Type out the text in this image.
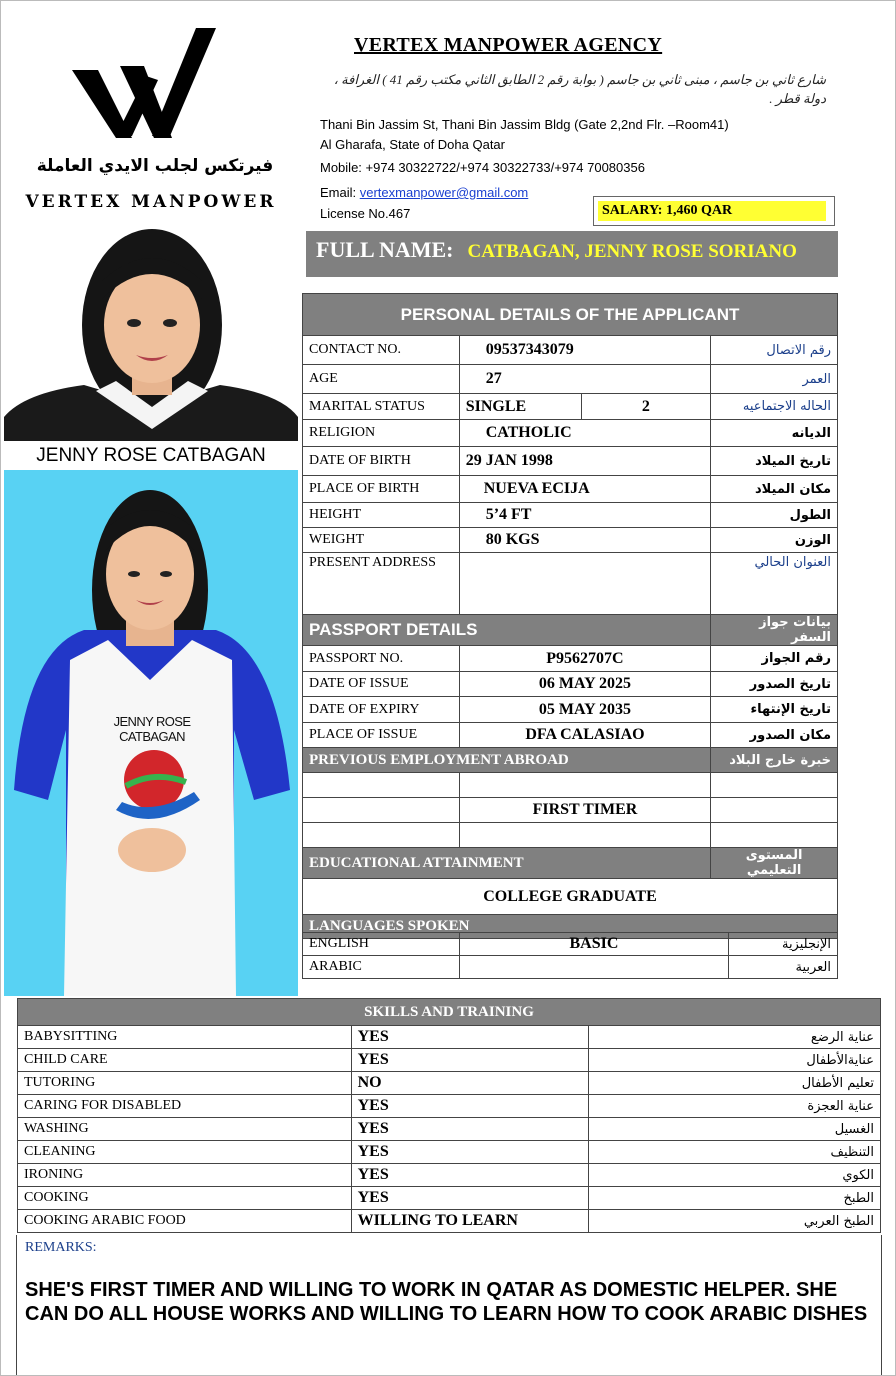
فيرتكس لجلب الايدي العاملة
VERTEX MANPOWER
VERTEX MANPOWER AGENCY
شارع ثاني بن جاسم ، مبنى ثاني بن جاسم ( بوابة رقم 2 الطابق الثاني مكتب رقم 41 ) الغرافة ، دولة قطر .
Thani Bin Jassim St, Thani Bin Jassim Bldg (Gate 2,2nd Flr. –Room41)
Al Gharafa, State of Doha Qatar
Mobile: +974 30322722/+974 30322733/+974 70080356
Email: vertexmanpower@gmail.com
License No.467	SALARY: 1,460 QAR
FULL NAME: CATBAGAN, JENNY ROSE SORIANO
JENNY ROSE CATBAGAN
JENNY ROSE CATBAGAN
PERSONAL DETAILS OF THE APPLICANT			
CONTACT NO.	09537343079		رقم الاتصال
AGE	27		العمر
MARITAL STATUS	SINGLE	2	الحاله الاجتماعيه
RELIGION	CATHOLIC		الديانه
DATE OF BIRTH	29 JAN 1998		تاريخ الميلاد
PLACE OF BIRTH	NUEVA ECIJA		مكان الميلاد
HEIGHT	5’4 FT		الطول
WEIGHT	80 KGS		الوزن
PRESENT ADDRESS			العنوان الحالي
PASSPORT DETAILS			بيانات جواز السفر
PASSPORT NO.	P9562707C		رقم الجواز
DATE OF ISSUE	06 MAY 2025		تاريخ الصدور
DATE OF EXPIRY	05 MAY 2035		تاريخ الإنتهاء
PLACE OF ISSUE	DFA CALASIAO		مكان الصدور
PREVIOUS EMPLOYMENT ABROAD			خبرة خارج البلاد

	FIRST TIMER		

EDUCATIONAL ATTAINMENT			المستوى التعليمي
COLLEGE GRADUATE			
LANGUAGES SPOKEN			
ENGLISH	BASIC	الإنجليزية
ARABIC		العربية
SKILLS AND TRAINING		
BABYSITTING	YES	عناية الرضع
CHILD CARE	YES	عنايةالأطفال
TUTORING	NO	تعليم الأطفال
CARING FOR DISABLED	YES	عناية العجزة
WASHING	YES	الغسيل
CLEANING	YES	التنظيف
IRONING	YES	الكوي
COOKING	YES	الطبخ
COOKING ARABIC FOOD	WILLING TO LEARN	الطبخ العربي
REMARKS:
SHE'S FIRST TIMER AND WILLING TO WORK IN QATAR AS DOMESTIC HELPER. SHE CAN DO ALL HOUSE WORKS AND WILLING TO LEARN HOW TO COOK ARABIC DISHES
